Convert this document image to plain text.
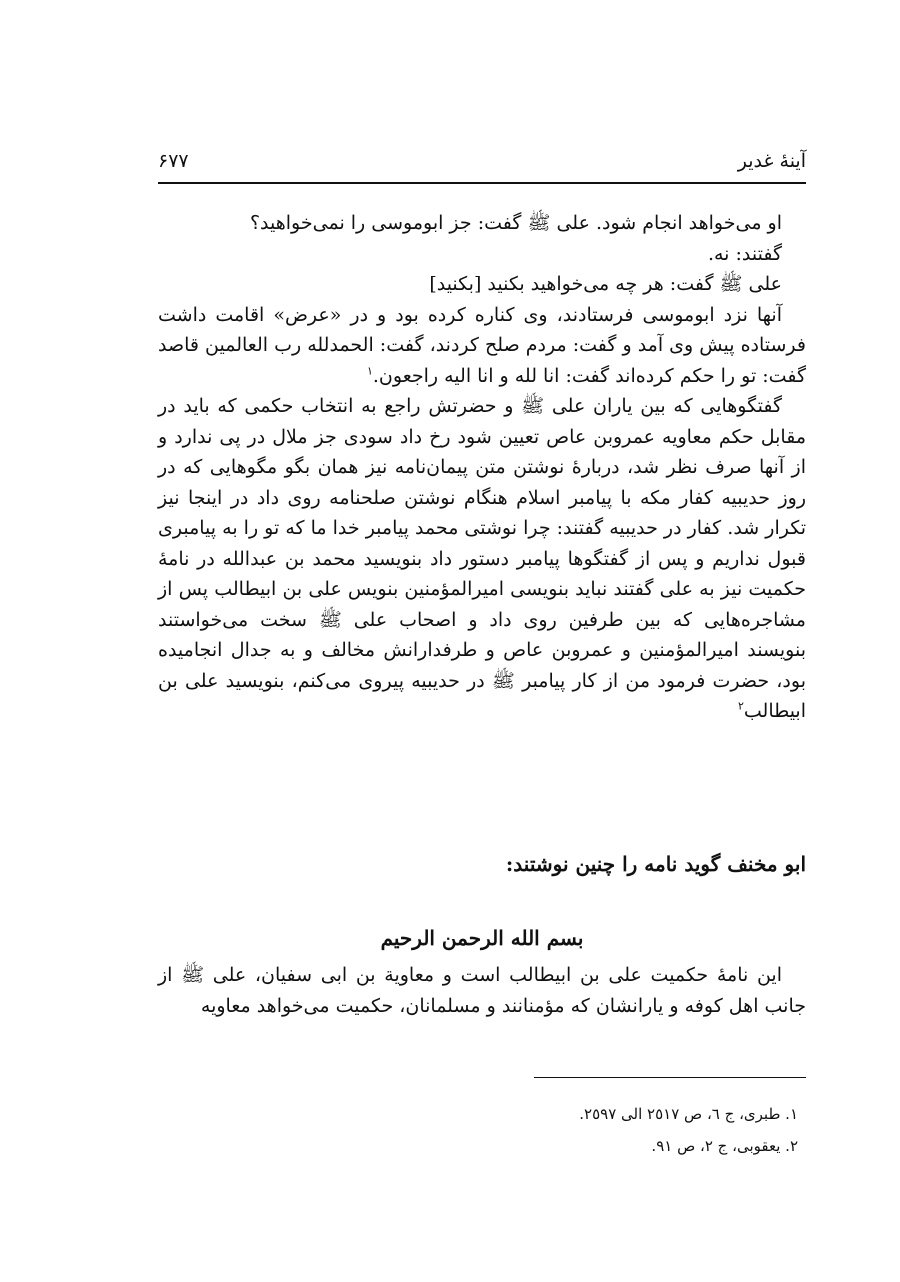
آینهٔ غدیر
۶۷۷

او می‌خواهد انجام شود. علی ﷺ گفت: جز ابوموسی را نمی‌خواهید؟

گفتند: نه.

علی ﷺ گفت: هر چه می‌خواهید بکنید [بکنید]

آنها نزد ابوموسی فرستادند، وی کناره کرده بود و در «عرض» اقامت داشت فرستاده پیش وی آمد و گفت: مردم صلح کردند، گفت: الحمدلله رب العالمین قاصد گفت: تو را حکم کرده‌اند گفت: انا لله و انا الیه راجعون.$^۱$

گفتگوهایی که بین یاران علی ﷺ و حضرتش راجع به انتخاب حکمی که باید در مقابل حکم معاویه عمروبن عاص تعیین شود رخ داد سودی جز ملال در پی ندارد و از آنها صرف نظر شد، دربارهٔ نوشتن متن پیمان‌نامه نیز همان بگو مگوهایی که در روز حدیبیه کفار مکه با پیامبر اسلام هنگام نوشتن صلحنامه روی داد در اینجا نیز تکرار شد. کفار در حدیبیه گفتند: چرا نوشتی محمد پیامبر خدا ما که تو را به پیامبری قبول نداریم و پس از گفتگوها پیامبر دستور داد بنویسید محمد بن عبدالله در نامهٔ حکمیت نیز به علی گفتند نباید بنویسی امیرالمؤمنین بنویس علی بن ابیطالب پس از مشاجره‌هایی که بین طرفین روی داد و اصحاب علی ﷺ سخت می‌خواستند بنویسند امیرالمؤمنین و عمروبن عاص و طرفدارانش مخالف و به جدال انجامیده بود، حضرت فرمود من از کار پیامبر ﷺ در حدیبیه پیروی می‌کنم، بنویسید علی بن ابیطالب$^۲$

ابو مخنف گوید نامه را چنین نوشتند:
بسم الله الرحمن الرحیم

این نامهٔ حکمیت علی بن ابیطالب است و معاویة بن ابی سفیان، علی ﷺ از جانب اهل کوفه و یارانشان که مؤمنانند و مسلمانان، حکمیت می‌خواهد معاویه

۱. طبری، ج ٦، ص ٢٥١٧ الی ٢٥٩٧.
۲. یعقوبی، ج ۲، ص ۹۱.
